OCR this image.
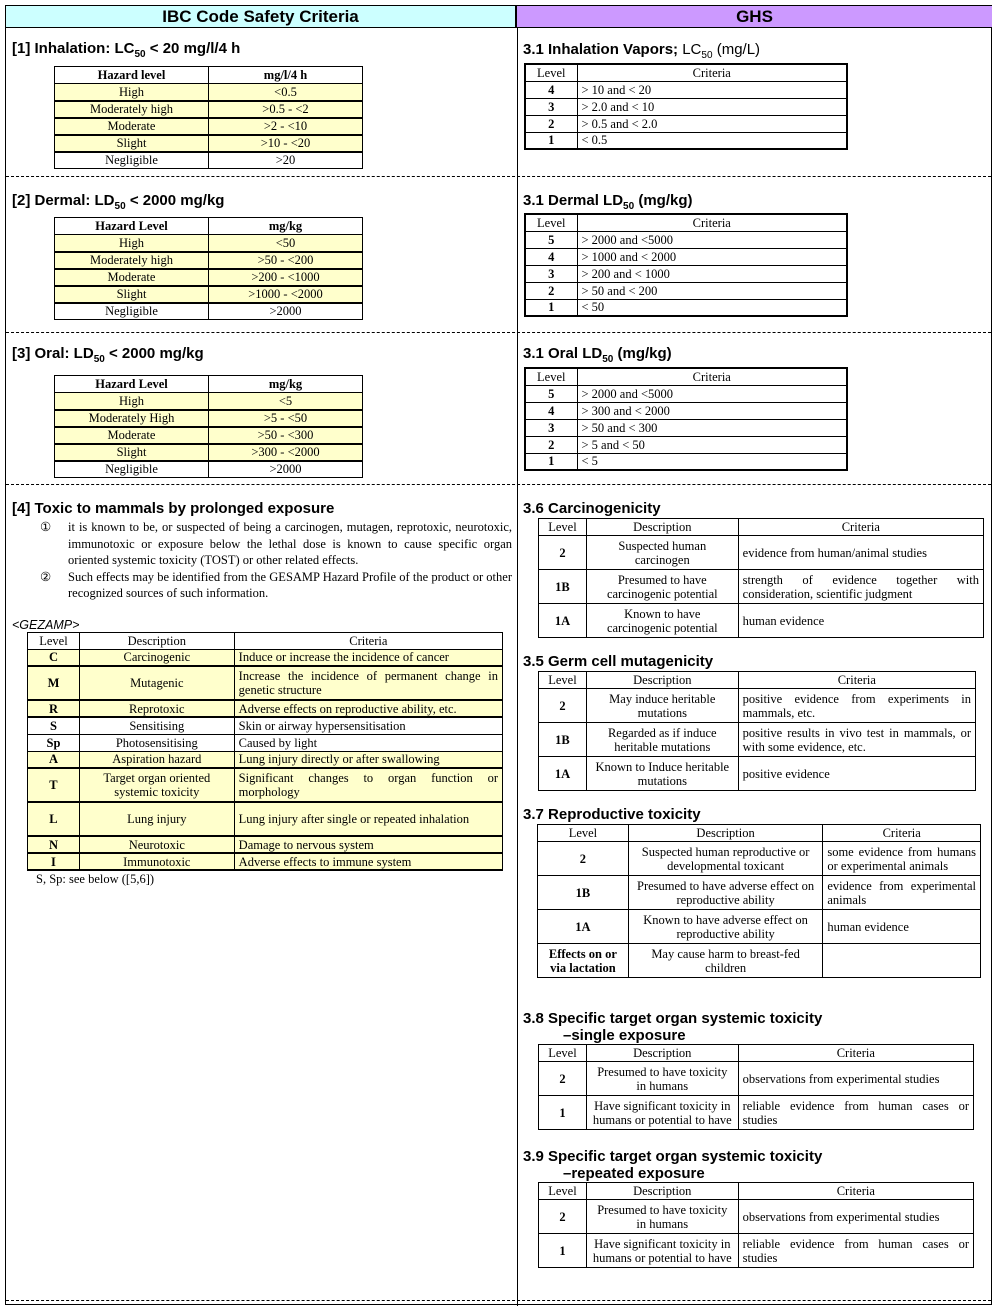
IBC Code Safety Criteria	GHS
[1] Inhalation: $LC_{50} < 20$ mg/l/4 h
Hazard level	mg/l/4 h
High	<0.5
Moderately high	>0.5 - <2
Moderate	>2 - <10
Slight	>10 - <20
Negligible	>20
[2] Dermal: $LD_{50} < 2000$ mg/kg
Hazard Level	mg/kg
High	<50
Moderately high	>50 - <200
Moderate	>200 - <1000
Slight	>1000 - <2000
Negligible	>2000
[3] Oral: $LD_{50} < 2000$ mg/kg
Hazard Level	mg/kg
High	<5
Moderately High	>5 - <50
Moderate	>50 - <300
Slight	>300 - <2000
Negligible	>2000
[4] Toxic to mammals by prolonged exposure
① it is known to be, or suspected of being a carcinogen, mutagen, reprotoxic, neurotoxic, immunotoxic or exposure below the lethal dose is known to cause specific organ oriented systemic toxicity (TOST) or other related effects.
② Such effects may be identified from the GESAMP Hazard Profile of the product or other recognized sources of such information.
<GEZAMP>
Level	Description	Criteria
C	Carcinogenic	Induce or increase the incidence of cancer
M	Mutagenic	Increase the incidence of permanent change in genetic structure
R	Reprotoxic	Adverse effects on reproductive ability, etc.
S	Sensitising	Skin or airway hypersensitisation
Sp	Photosensitising	Caused by light
A	Aspiration hazard	Lung injury directly or after swallowing
T	Target organ oriented systemic toxicity	Significant changes to organ function or morphology
L	Lung injury	Lung injury after single or repeated inhalation
N	Neurotoxic	Damage to nervous system
I	Immunotoxic	Adverse effects to immune system
S, Sp: see below ([5,6])
3.1 Inhalation Vapors; $LC_{50}$ (mg/L)
Level	Criteria
4	> 10 and < 20
3	> 2.0 and < 10
2	> 0.5 and < 2.0
1	< 0.5
3.1 Dermal $LD_{50}$ (mg/kg)
Level	Criteria
5	> 2000 and <5000
4	> 1000 and < 2000
3	> 200 and < 1000
2	> 50 and < 200
1	< 50
3.1 Oral $LD_{50}$ (mg/kg)
Level	Criteria
5	> 2000 and <5000
4	> 300 and < 2000
3	> 50 and < 300
2	> 5 and < 50
1	< 5
3.6 Carcinogenicity
Level	Description	Criteria
2	Suspected human carcinogen	evidence from human/animal studies
1B	Presumed to have carcinogenic potential	strength of evidence together with consideration, scientific judgment
1A	Known to have carcinogenic potential	human evidence
3.5 Germ cell mutagenicity
Level	Description	Criteria
2	May induce heritable mutations	positive evidence from experiments in mammals, etc.
1B	Regarded as if induce heritable mutations	positive results in vivo test in mammals, or with some evidence, etc.
1A	Known to Induce heritable mutations	positive evidence
3.7 Reproductive toxicity
Level	Description	Criteria
2	Suspected human reproductive or developmental toxicant	some evidence from humans or experimental animals
1B	Presumed to have adverse effect on reproductive ability	evidence from experimental animals
1A	Known to have adverse effect on reproductive ability	human evidence
Effects on or via lactation	May cause harm to breast-fed children	
3.8 Specific target organ systemic toxicity
–single exposure
Level	Description	Criteria
2	Presumed to have toxicity in humans	observations from experimental studies
1	Have significant toxicity in humans or potential to have	reliable evidence from human cases or studies
3.9 Specific target organ systemic toxicity
–repeated exposure
Level	Description	Criteria
2	Presumed to have toxicity in humans	observations from experimental studies
1	Have significant toxicity in humans or potential to have	reliable evidence from human cases or studies
